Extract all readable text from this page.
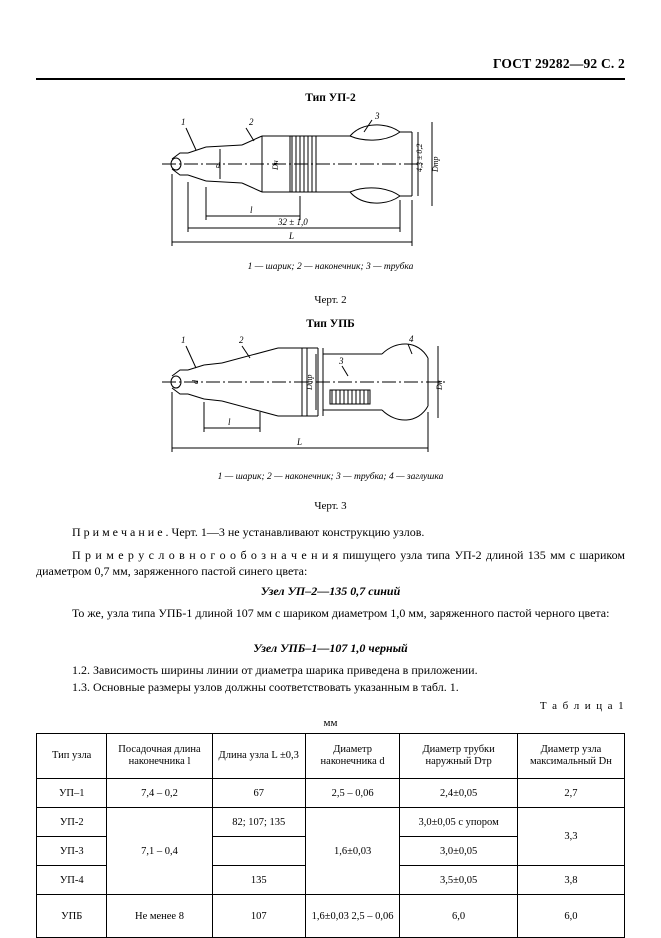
ГОСТ 29282—92 С. 2
Тип УП-2
1	2
3
d	Dн	4,3 ± 0,2 Dтр
l
32 ± 1,0
L
1 — шарик; 2 — наконечник; 3 — трубка
Черт. 2
Тип УПБ
1	2
3
4
d	Dтр	Dн
l
L
1 — шарик; 2 — наконечник; 3 — трубка; 4 — заглушка
Черт. 3
П р и м е ч а н и е . Черт. 1—3 не устанавливают конструкцию узлов.
П р и м е р у с л о в н о г о о б о з н а ч е н и я пишущего узла типа УП-2 длиной 135 мм с шариком диаметром 0,7 мм, заряженного пастой синего цвета:
Узел УП–2—135 0,7 синий
То же, узла типа УПБ-1 длиной 107 мм с шариком диаметром 1,0 мм, заряженного пастой черного цвета:
Узел УПБ–1—107 1,0 черный
1.2. Зависимость ширины линии от диаметра шарика приведена в приложении.
1.3. Основные размеры узлов должны соответствовать указанным в табл. 1.
Т а б л и ц а 1
мм
Тип узла	Посадочная длина наконечника l	Длина узла L ±0,3	Диаметр наконечника d	Диаметр трубки наружный Dтр	Диаметр узла максимальный Dн
УП–1	7,4 – 0,2	67	2,5 – 0,06	2,4±0,05	2,7
УП-2	7,1 – 0,4	82; 107; 135	1,6±0,03	3,0±0,05 с упором	3,3
УП-3				3,0±0,05	
УП-4		135		3,5±0,05	3,8
УПБ	Не менее 8	107	1,6±0,03 2,5 – 0,06	6,0	6,0
